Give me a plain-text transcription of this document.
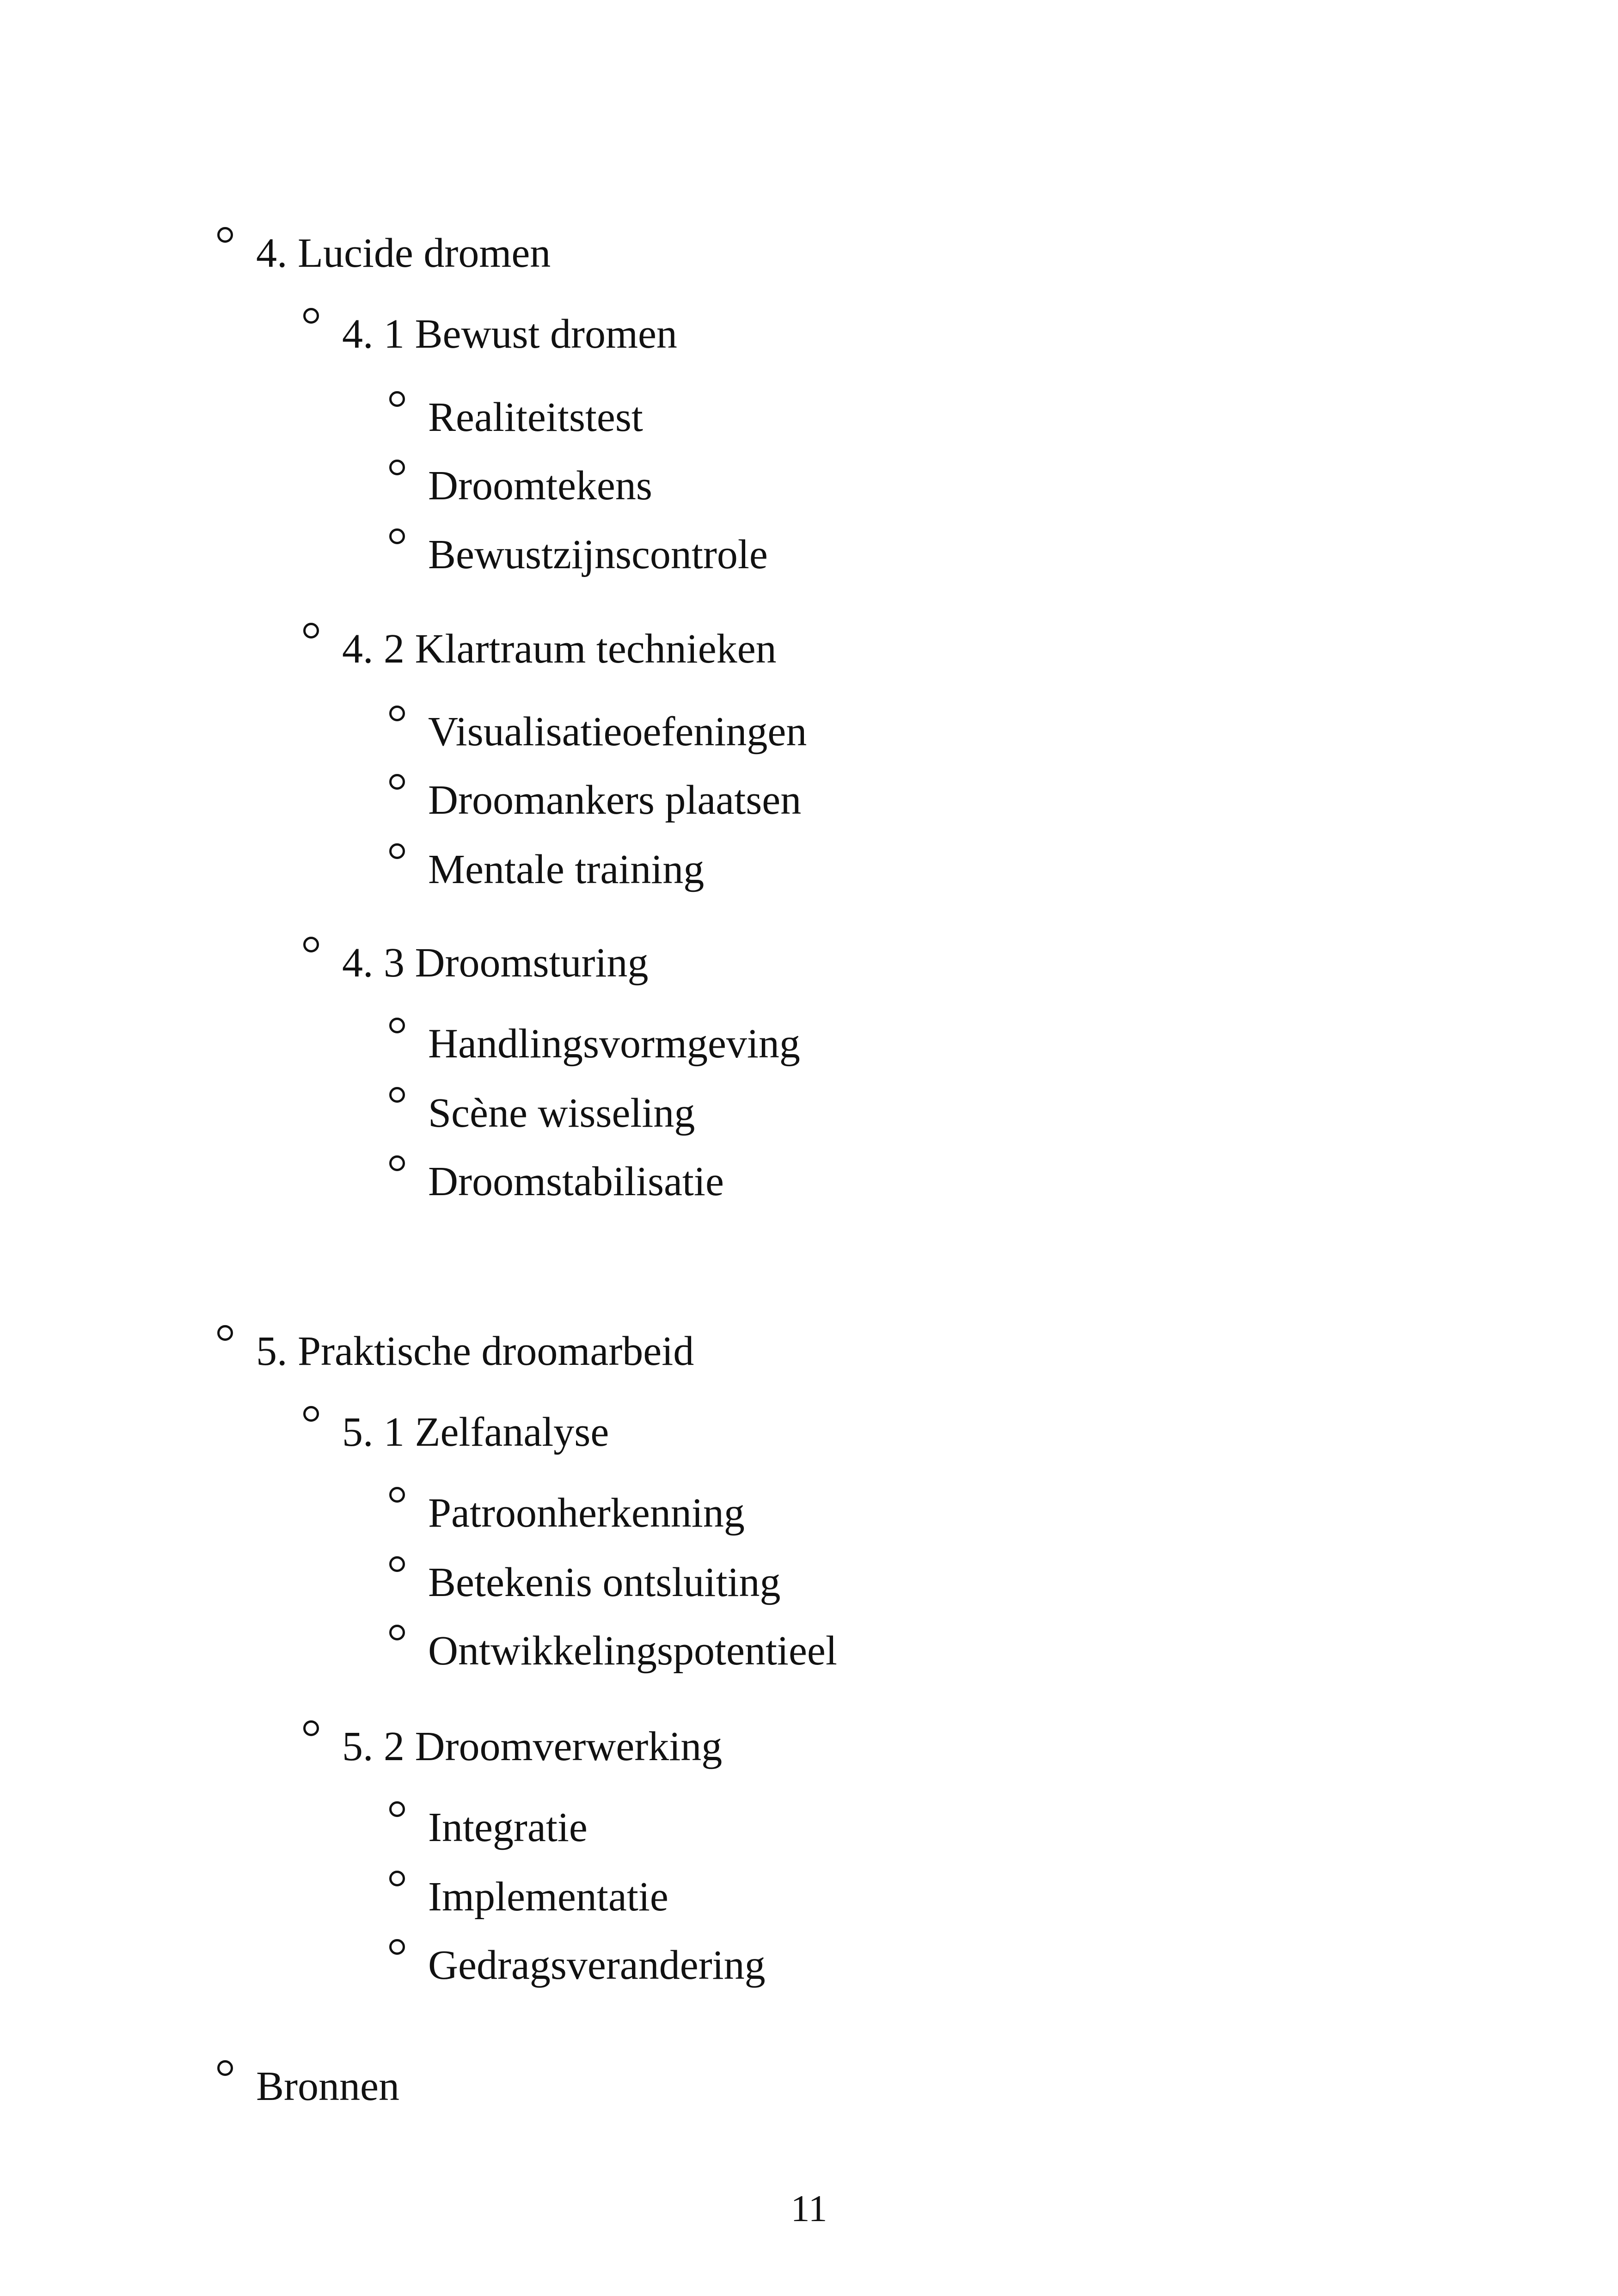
4. Lucide dromen
4. 1 Bewust dromen
Realiteitstest
Droomtekens
Bewustzijnscontrole
4. 2 Klartraum technieken
Visualisatieoefeningen
Droomankers plaatsen
Mentale training
4. 3 Droomsturing
Handlingsvormgeving
Scène wisseling
Droomstabilisatie
5. Praktische droomarbeid
5. 1 Zelfanalyse
Patroonherkenning
Betekenis ontsluiting
Ontwikkelingspotentieel
5. 2 Droomverwerking
Integratie
Implementatie
Gedragsverandering
Bronnen
11
